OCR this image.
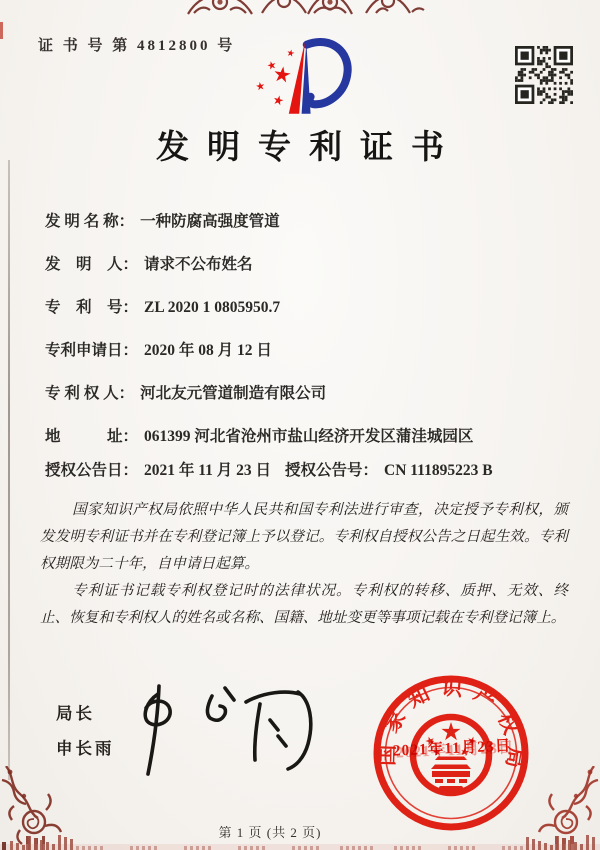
证 书 号 第 4812800 号
发明专利证书
发 明 名 称： 一种防腐高强度管道
发　明　人： 请求不公布姓名
专　利　号： ZL 2020 1 0805950.7
专利申请日： 2020 年 08 月 12 日
专 利 权 人： 河北友元管道制造有限公司
地　　　址： 061399 河北省沧州市盐山经济开发区蒲洼城园区
授权公告日： 2021 年 11 月 23 日 授权公告号： CN 111895223 B

国家知识产权局依照中华人民共和国专利法进行审查，决定授予专利权，颁发发明专利证书并在专利登记簿上予以登记。专利权自授权公告之日起生效。专利权期限为二十年，自申请日起算。

专利证书记载专利权登记时的法律状况。专利权的转移、质押、无效、终止、恢复和专利权人的姓名或名称、国籍、地址变更等事项记载在专利登记簿上。

局长
申长雨	国家知识产权局
2021年11月23日
第 1 页 (共 2 页)
